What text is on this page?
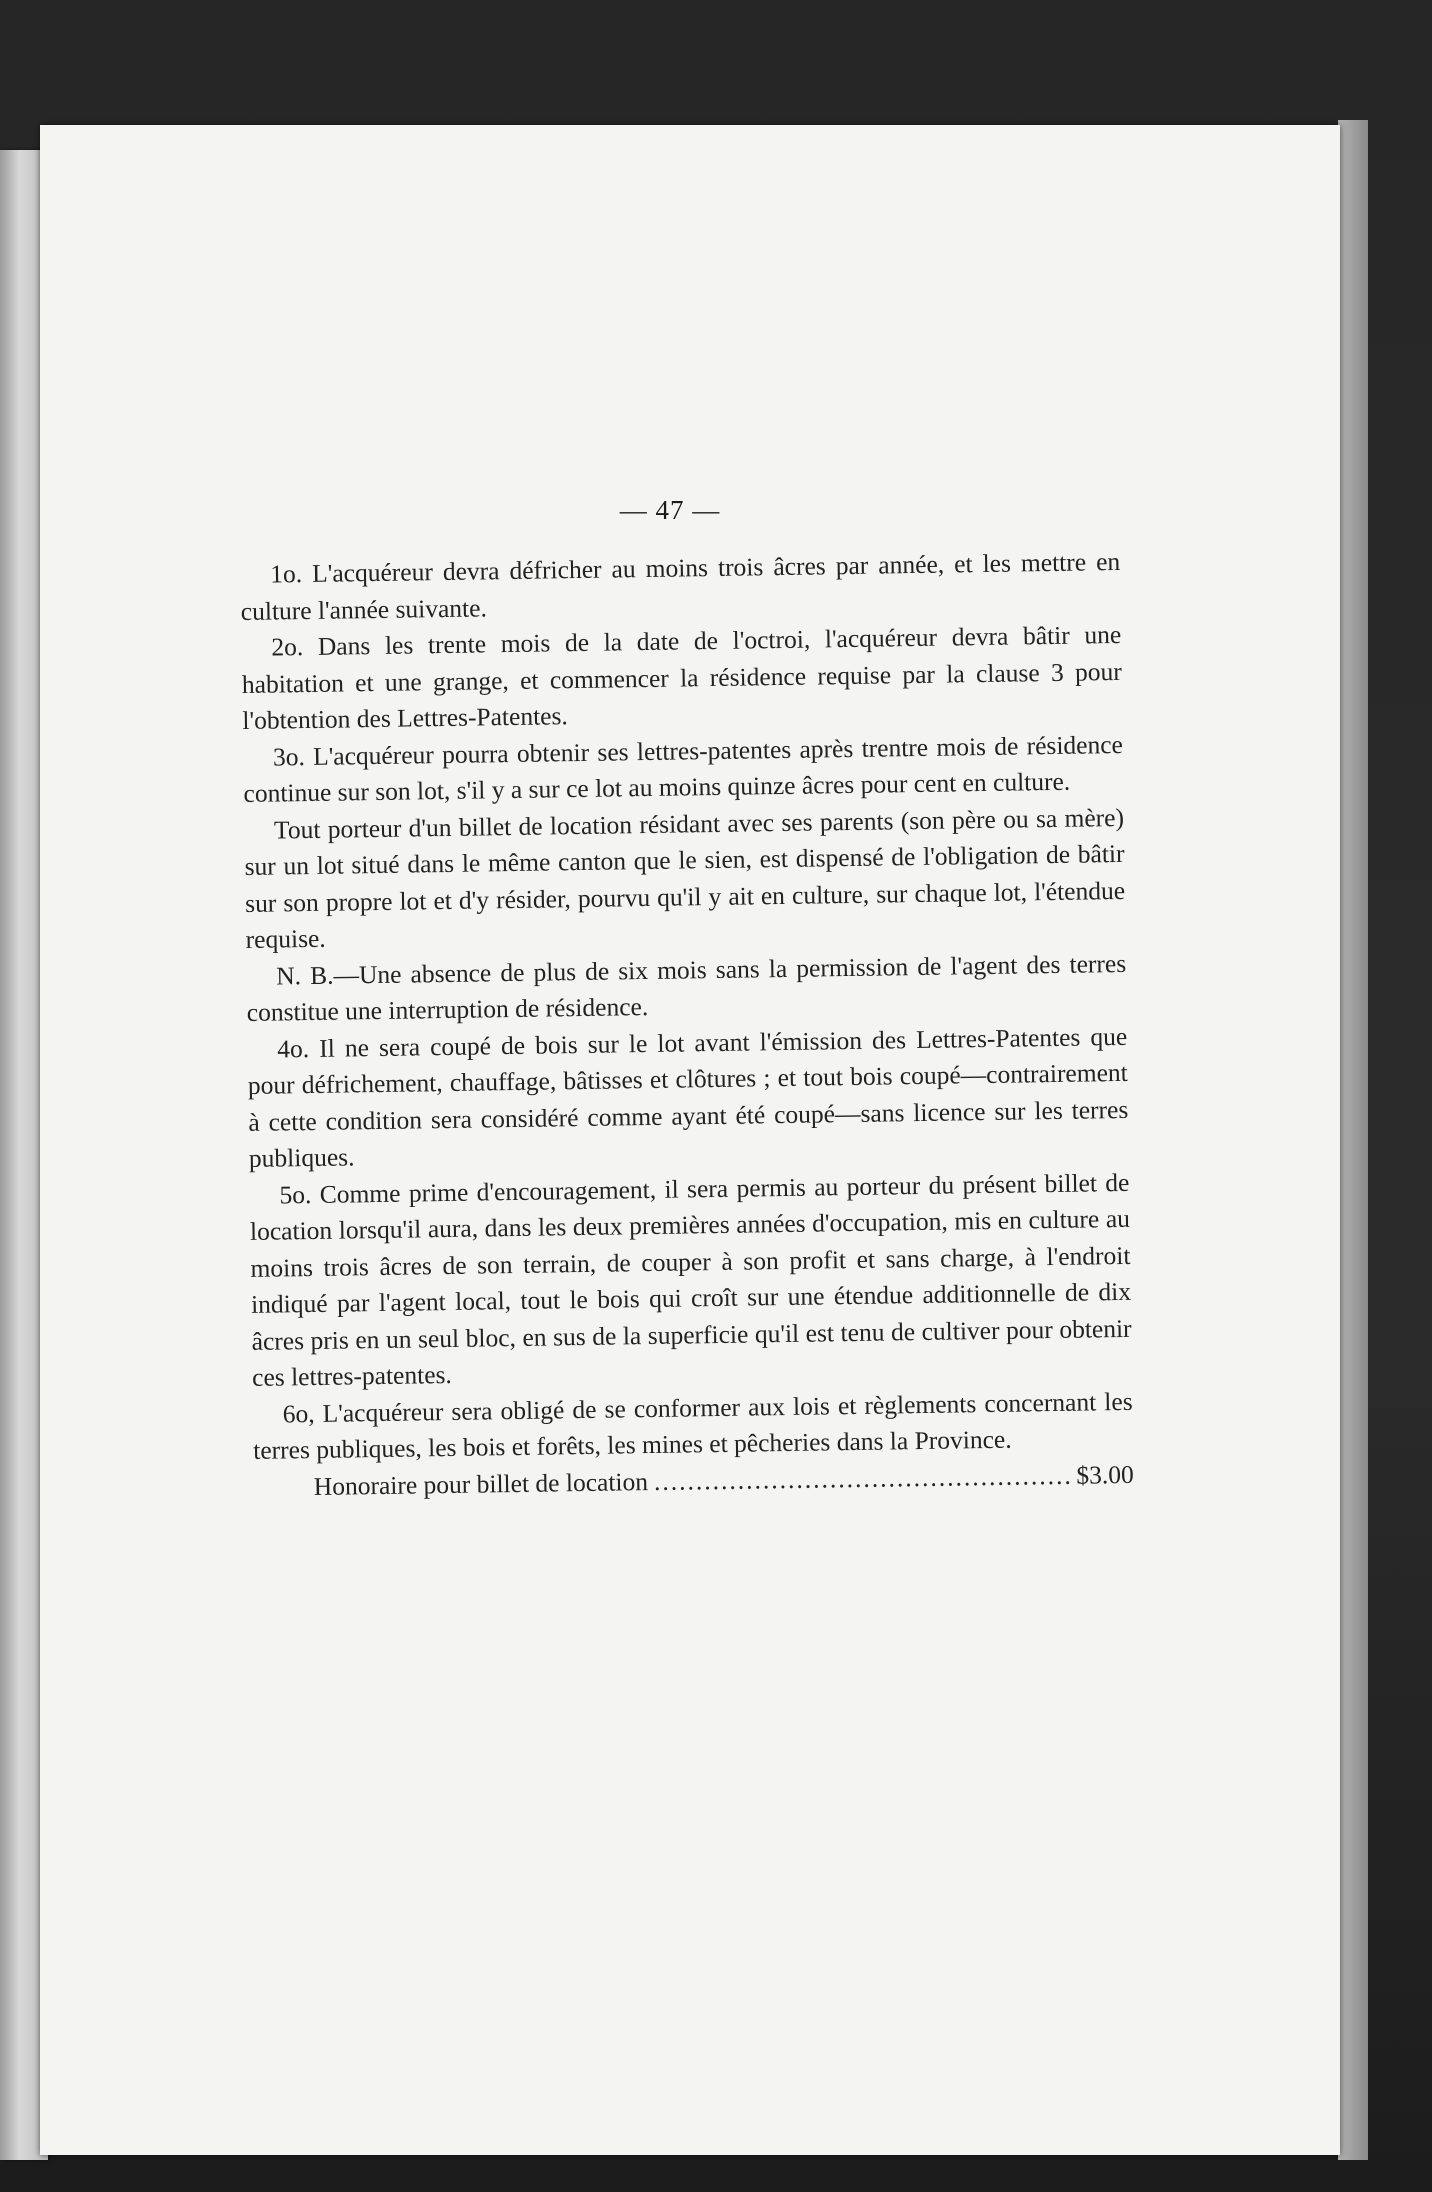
— 47 —

1o. L'acquéreur devra défricher au moins trois âcres par année, et les mettre en culture l'année suivante.

2o. Dans les trente mois de la date de l'octroi, l'acquéreur devra bâtir une habitation et une grange, et commencer la résidence requise par la clause 3 pour l'obtention des Lettres-Patentes.

3o. L'acquéreur pourra obtenir ses lettres-patentes après trentre mois de résidence continue sur son lot, s'il y a sur ce lot au moins quinze âcres pour cent en culture.

Tout porteur d'un billet de location résidant avec ses parents (son père ou sa mère) sur un lot situé dans le même canton que le sien, est dispensé de l'obligation de bâtir sur son propre lot et d'y résider, pourvu qu'il y ait en culture, sur chaque lot, l'étendue requise.

N. B.—Une absence de plus de six mois sans la permission de l'agent des terres constitue une interruption de résidence.

4o. Il ne sera coupé de bois sur le lot avant l'émission des Lettres-Patentes que pour défrichement, chauffage, bâtisses et clôtures ; et tout bois coupé—contrairement à cette condition sera considéré comme ayant été coupé—sans licence sur les terres publiques.

5o. Comme prime d'encouragement, il sera permis au porteur du présent billet de location lorsqu'il aura, dans les deux premières années d'occupation, mis en culture au moins trois âcres de son terrain, de couper à son profit et sans charge, à l'endroit indiqué par l'agent local, tout le bois qui croît sur une étendue additionnelle de dix âcres pris en un seul bloc, en sus de la superficie qu'il est tenu de cultiver pour obtenir ces lettres-patentes.

6o, L'acquéreur sera obligé de se conformer aux lois et règlements concernant les terres publiques, les bois et forêts, les mines et pêcheries dans la Province.

Honoraire pour billet de location
.....	$3.00
